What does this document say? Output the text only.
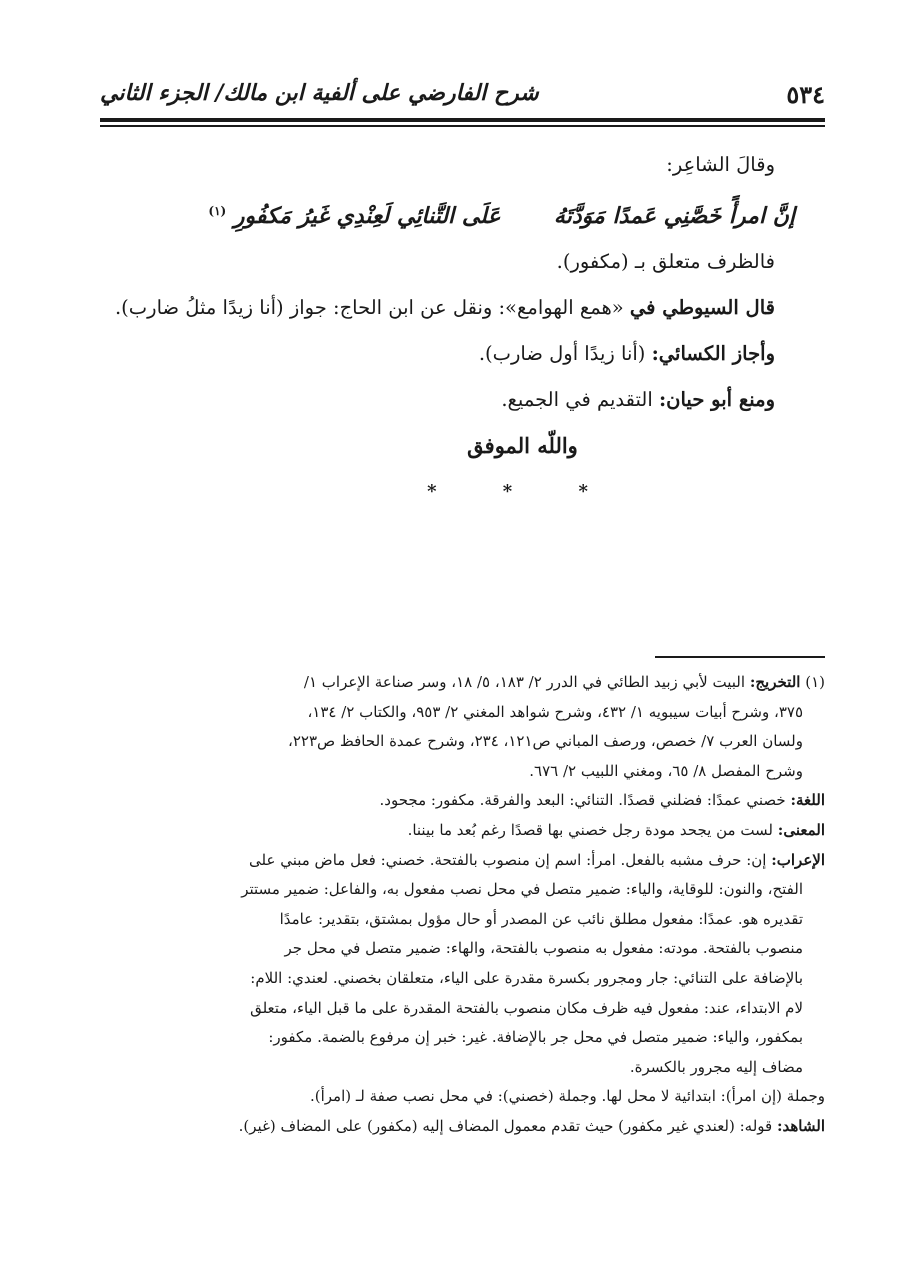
٥٣٤
شرح الفارضي على ألفية ابن مالك/ الجزء الثاني
وقالَ الشاعِر:
إنَّ امرأً خَصَّنِي عَمدًا مَوَدَّتَهُ  عَلَى التَّنائِي لَعِنْدِي غَيرُ مَكفُورِ $^{(١)}$
فالظرف متعلق بـ (مكفور).
قال السيوطي في «همع الهوامع»: ونقل عن ابن الحاج: جواز (أنا زيدًا مثلُ ضارب).
وأجاز الكسائي: (أنا زيدًا أول ضارب).
ومنع أبو حيان: التقديم في الجميع.
واللّه الموفق
* * *
(١) التخريج: البيت لأبي زبيد الطائي في الدرر ٢/ ١٨٣، ٥/ ١٨، وسر صناعة الإعراب ١/
٣٧٥، وشرح أبيات سيبويه ١/ ٤٣٢، وشرح شواهد المغني ٢/ ٩٥٣، والكتاب ٢/ ١٣٤،
ولسان العرب ٧/ خصص، ورصف المباني ص١٢١، ٢٣٤، وشرح عمدة الحافظ ص٢٢٣،
وشرح المفصل ٨/ ٦٥، ومغني اللبيب ٢/ ٦٧٦.
اللغة: خصني عمدًا: فضلني قصدًا. التنائي: البعد والفرقة. مكفور: مجحود.
المعنى: لست من يجحد مودة رجل خصني بها قصدًا رغم بُعد ما بيننا.
الإعراب: إن: حرف مشبه بالفعل. امرأ: اسم إن منصوب بالفتحة. خصني: فعل ماض مبني على
الفتح، والنون: للوقاية، والياء: ضمير متصل في محل نصب مفعول به، والفاعل: ضمير مستتر
تقديره هو. عمدًا: مفعول مطلق نائب عن المصدر أو حال مؤول بمشتق، بتقدير: عامدًا
منصوب بالفتحة. مودته: مفعول به منصوب بالفتحة، والهاء: ضمير متصل في محل جر
بالإضافة على التنائي: جار ومجرور بكسرة مقدرة على الياء، متعلقان بخصني. لعندي: اللام:
لام الابتداء، عند: مفعول فيه ظرف مكان منصوب بالفتحة المقدرة على ما قبل الياء، متعلق
بمكفور، والياء: ضمير متصل في محل جر بالإضافة. غير: خبر إن مرفوع بالضمة. مكفور:
مضاف إليه مجرور بالكسرة.
وجملة (إن امرأ): ابتدائية لا محل لها. وجملة (خصني): في محل نصب صفة لـ (امرأ).
الشاهد: قوله: (لعندي غير مكفور) حيث تقدم معمول المضاف إليه (مكفور) على المضاف (غير).
